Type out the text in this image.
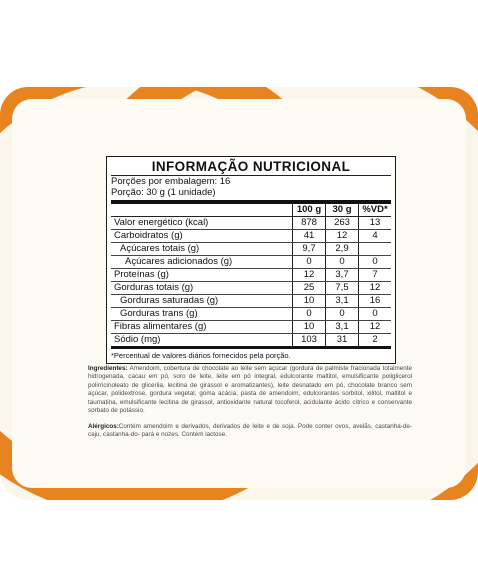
INFORMAÇÃO NUTRICIONAL
Porções por embalagem: 16
Porção: 30 g (1 unidade)
	100 g	30 g	%VD*
Valor energético (kcal)	878	263	13
Carboidratos (g)	41	12	4
Açúcares totais (g)	9,7	2,9	
Açúcares adicionados (g)	0	0	0
Proteínas (g)	12	3,7	7
Gorduras totais (g)	25	7,5	12
Gorduras saturadas (g)	10	3,1	16
Gorduras trans (g)	0	0	0
Fibras alimentares (g)	10	3,1	12
Sódio (mg)	103	31	2
*Percentual de valores diários fornecidos pela porção.
Ingredientes: Amendoim, cobertura de chocolate ao leite sem açúcar (gordura de palmiste fracionada totalmente hidrogenada, cacau em pó, soro de leite, leite em pó integral, edulcorante maltitol, emulsificante poliglicerol polirricinoleato de glicerila, lecitina de girassol e aromatizantes), leite desnatado em pó, chocolate branco sem açúcar, polidextrose, gordura vegetal, goma acácia, pasta de amendoim, edulcorantes sorbitol, xilitol, maltitol e taumatina, emulsificante lecitina de girassol, antioxidante natural tocoferol, acidulante ácido cítrico e conservante sorbato de potássio.
Alérgicos:Contém amendoim e derivados, derivados de leite e de soja. Pode conter ovos, avelãs, castanha-de-caju, castanha-do- pará e nozes. Contém lactose.
